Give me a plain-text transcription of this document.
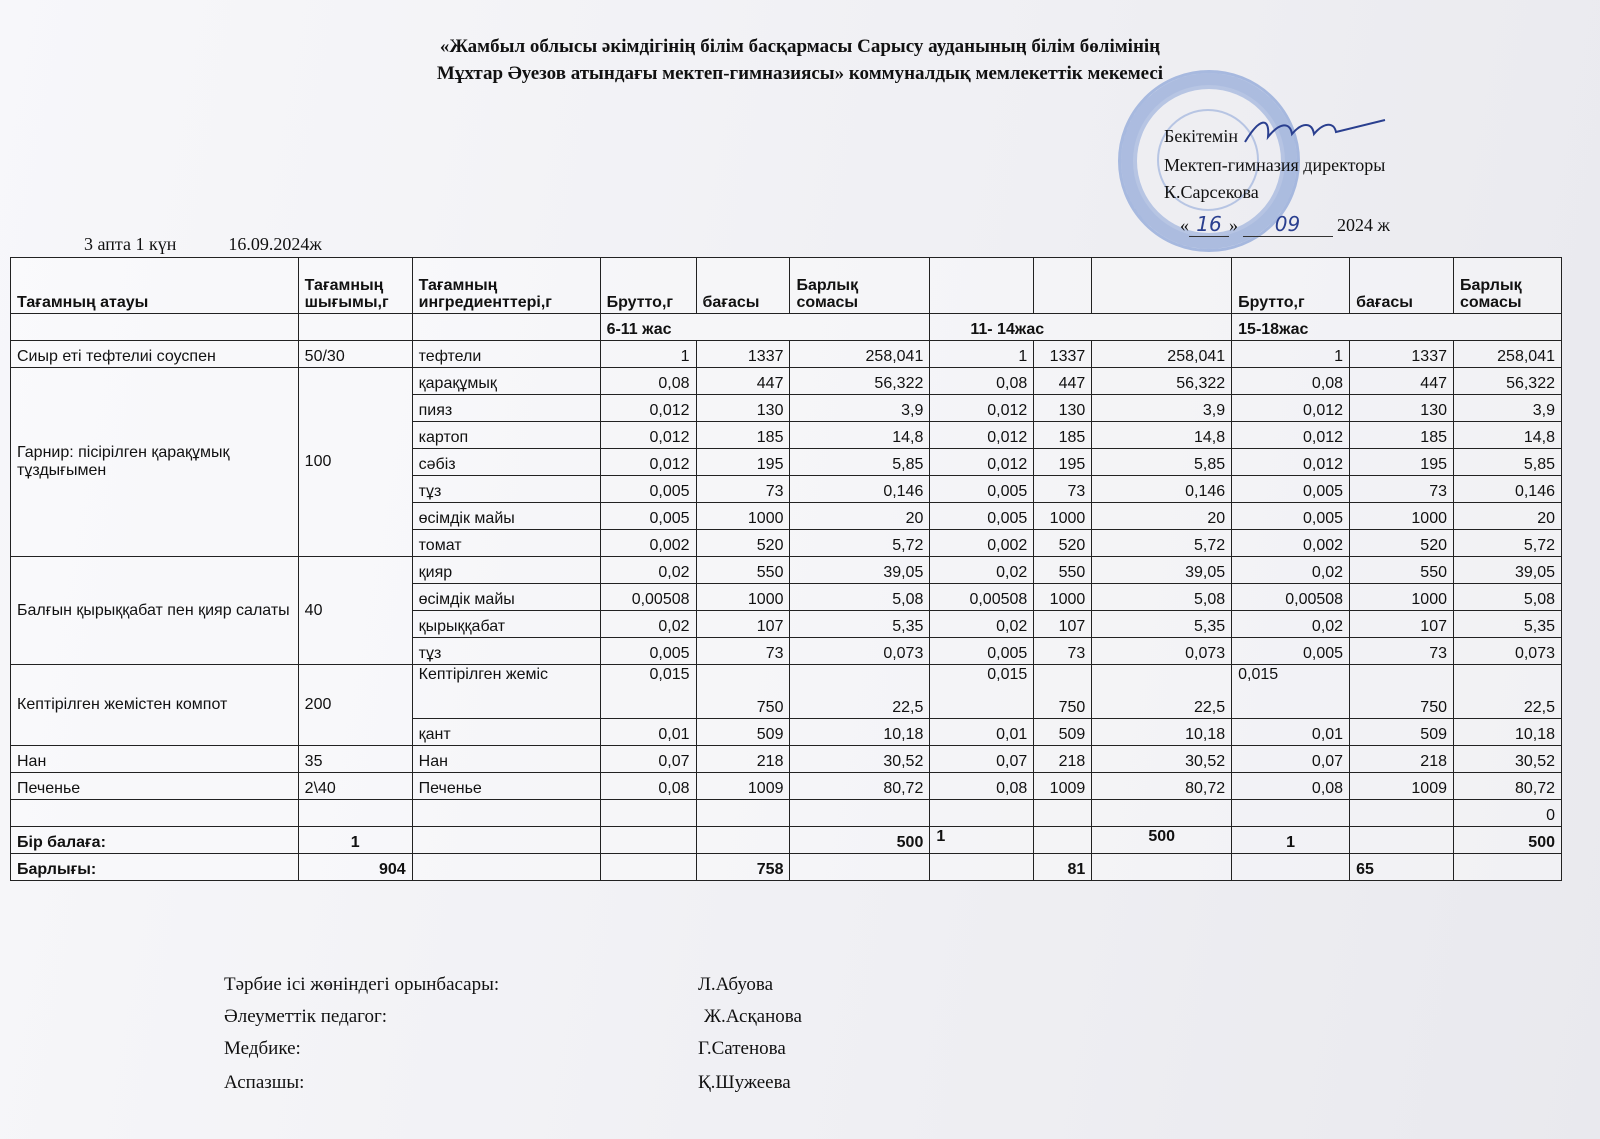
«Жамбыл облысы әкімдігінің білім басқармасы Сарысу ауданының білім бөлімінің
Мұхтар Әуезов атындағы мектеп-гимназиясы» коммуналдық мемлекеттік мекемесі
Бекітемін
Мектеп-гимназия директоры
К.Сарсекова
« 16 » 09 2024 ж
3 апта 1 күн	16.09.2024ж
Тағамның атауы	Тағамның шығымы,г	Тағамның ингредиенттері,г	Брутто,г	бағасы	Барлық сомасы				Брутто,г	бағасы	Барлық сомасы
			6-11 жас			11- 14жас			15-18жас		
Сиыр еті тефтелиі соуспен	50/30	тефтели	1	1337	258,041	1	1337	258,041	1	1337	258,041
Гарнир: пісірілген қарақұмық тұздығымен	100	қарақұмық	0,08	447	56,322	0,08	447	56,322	0,08	447	56,322
		пияз	0,012	130	3,9	0,012	130	3,9	0,012	130	3,9
		картоп	0,012	185	14,8	0,012	185	14,8	0,012	185	14,8
		сәбіз	0,012	195	5,85	0,012	195	5,85	0,012	195	5,85
		тұз	0,005	73	0,146	0,005	73	0,146	0,005	73	0,146
		өсімдік майы	0,005	1000	20	0,005	1000	20	0,005	1000	20
		томат	0,002	520	5,72	0,002	520	5,72	0,002	520	5,72
Балғын қырыққабат пен қияр салаты	40	қияр	0,02	550	39,05	0,02	550	39,05	0,02	550	39,05
		өсімдік майы	0,00508	1000	5,08	0,00508	1000	5,08	0,00508	1000	5,08
		қырыққабат	0,02	107	5,35	0,02	107	5,35	0,02	107	5,35
		тұз	0,005	73	0,073	0,005	73	0,073	0,005	73	0,073
Кептірілген жемістен компот	200	Кептірілген жеміс	0,015	750	22,5	0,015	750	22,5	0,015	750	22,5
		қант	0,01	509	10,18	0,01	509	10,18	0,01	509	10,18
Нан	35	Нан	0,07	218	30,52	0,07	218	30,52	0,07	218	30,52
Печенье	2\40	Печенье	0,08	1009	80,72	0,08	1009	80,72	0,08	1009	80,72
											0
Бір балаға:	1				500	1		500	1		500
Барлығы:	904			758			81			65	
Тәрбие ісі жөніндегі орынбасары:	Л.Абуова
Әлеуметтік педагог:	Ж.Асқанова
Медбике:	Г.Сатенова
Аспазшы:	Қ.Шужеева
